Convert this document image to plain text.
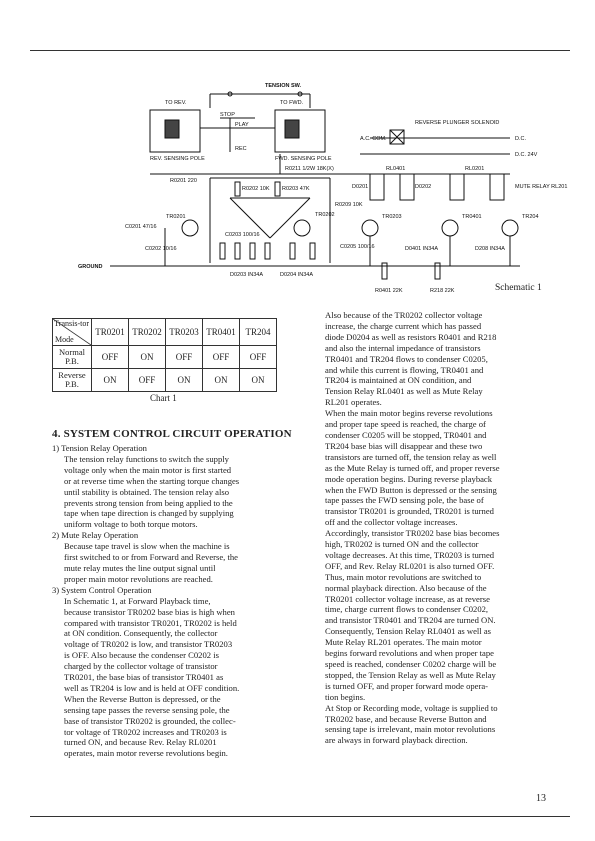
TENSION SW.
TO REV.	TO FWD.
STOP
PLAY
REC
REV. SENSING POLE	FWD. SENSING POLE
REVERSE PLUNGER SOLENOID
A.C. COM.	D.C.
D.C. 24V
R0211 1/2W 18K(X)
R0202 10K R0203 47K
R0209 10K
R0201 220
TR0201	TR0202	TR0203	TR0401	TR204
C0201 47/16
C0202 10/16
C0203 100/16
C0205 100/16
D0201	D0202
D0203 IN34A	D0204 IN34A
D0401 IN34A	D208 IN34A
RL0401	RL0201
MUTE RELAY RL201
R0401 22K	R218 22K
GROUND
Schematic 1
Transis-tor
Mode	TR0201	TR0202	TR0203	TR0401	TR204
Normal P.B.	OFF	ON	OFF	OFF	OFF
Reverse P.B.	ON	OFF	ON	ON	ON
Chart 1
4. SYSTEM CONTROL CIRCUIT OPERATION
1) Tension Relay Operation
The tension relay functions to switch the supply
voltage only when the main motor is first started
or at reverse time when the starting torque changes
until stability is obtained. The tension relay also
prevents strong tension from being applied to the
tape when tape direction is changed by supplying
uniform voltage to both torque motors.
2) Mute Relay Operation
Because tape travel is slow when the machine is
first switched to or from Forward and Reverse, the
mute relay mutes the line output signal until
proper main motor revolutions are reached.
3) System Control Operation
In Schematic 1, at Forward Playback time,
because transistor TR0202 base bias is high when
compared with transistor TR0201, TR0202 is held
at ON condition. Consequently, the collector
voltage of TR0202 is low, and transistor TR0203
is OFF. Also because the condenser C0202 is
charged by the collector voltage of transistor
TR0201, the base bias of transistor TR0401 as
well as TR204 is low and is held at OFF condition.
When the Reverse Button is depressed, or the
sensing tape passes the reverse sensing pole, the
base of transistor TR0202 is grounded, the collec-
tor voltage of TR0202 increases and TR0203 is
turned ON, and because Rev. Relay RL0201
operates, main motor reverse revolutions begin.
Also because of the TR0202 collector voltage
increase, the charge current which has passed
diode D0204 as well as resistors R0401 and R218
and also the internal impedance of transistors
TR0401 and TR204 flows to condenser C0205,
and while this current is flowing, TR0401 and
TR204 is maintained at ON condition, and
Tension Relay RL0401 as well as Mute Relay
RL201 operates.
When the main motor begins reverse revolutions
and proper tape speed is reached, the charge of
condenser C0205 will be stopped, TR0401 and
TR204 base bias will disappear and these two
transistors are turned off, the tension relay as well
as the Mute Relay is turned off, and proper reverse
mode operation begins. During reverse playback
when the FWD Button is depressed or the sensing
tape passes the FWD sensing pole, the base of
transistor TR0201 is grounded, TR0201 is turned
off and the collector voltage increases.
Accordingly, transistor TR0202 base bias becomes
high, TR0202 is turned ON and the collector
voltage decreases. At this time, TR0203 is turned
OFF, and Rev. Relay RL0201 is also turned OFF.
Thus, main motor revolutions are switched to
normal playback direction. Also because of the
TR0201 collector voltage increase, as at reverse
time, charge current flows to condenser C0202,
and transistor TR0401 and TR204 are turned ON.
Consequently, Tension Relay RL0401 as well as
Mute Relay RL201 operates. The main motor
begins forward revolutions and when proper tape
speed is reached, condenser C0202 charge will be
stopped, the Tension Relay as well as Mute Relay
is turned OFF, and proper forward mode opera-
tion begins.
At Stop or Recording mode, voltage is supplied to
TR0202 base, and because Reverse Button and
sensing tape is irrelevant, main motor revolutions
are always in forward playback direction.
13
